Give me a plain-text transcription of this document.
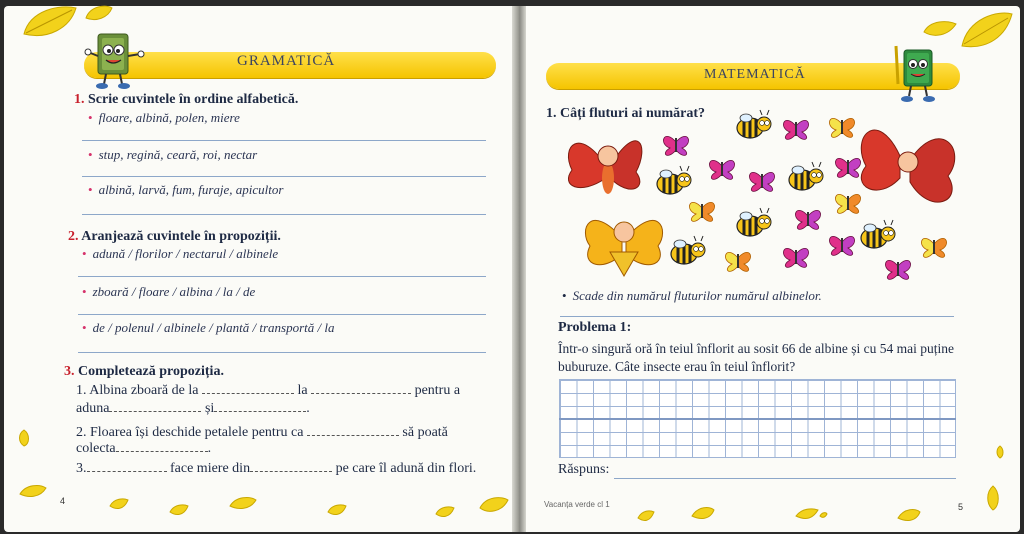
GRAMATICĂ
1. Scrie cuvintele în ordine alfabetică.
• floare, albină, polen, miere
• stup, regină, ceară, roi, nectar
• albină, larvă, fum, furaje, apicultor
2. Aranjează cuvintele în propoziții.
• adună / florilor / nectarul / albinele
• zboară / floare / albina / la / de
• de / polenul / albinele / plantă / transportă / la
3. Completează propoziția.
1. Albina zboară de la	la	pentru a
aduna	și	.
2. Floarea își deschide petalele pentru ca	să poată
colecta	.
3.	face miere din	pe care îl adună din flori.
4
MATEMATICĂ
1. Câți fluturi ai numărat?
• Scade din numărul fluturilor numărul albinelor.
Problema 1:
Într-o singură oră în teiul înflorit au sosit 66 de albine și cu 54 mai puține buburuze. Câte insecte erau în teiul înflorit?
Răspuns:
Vacanța verde cl 1	5
